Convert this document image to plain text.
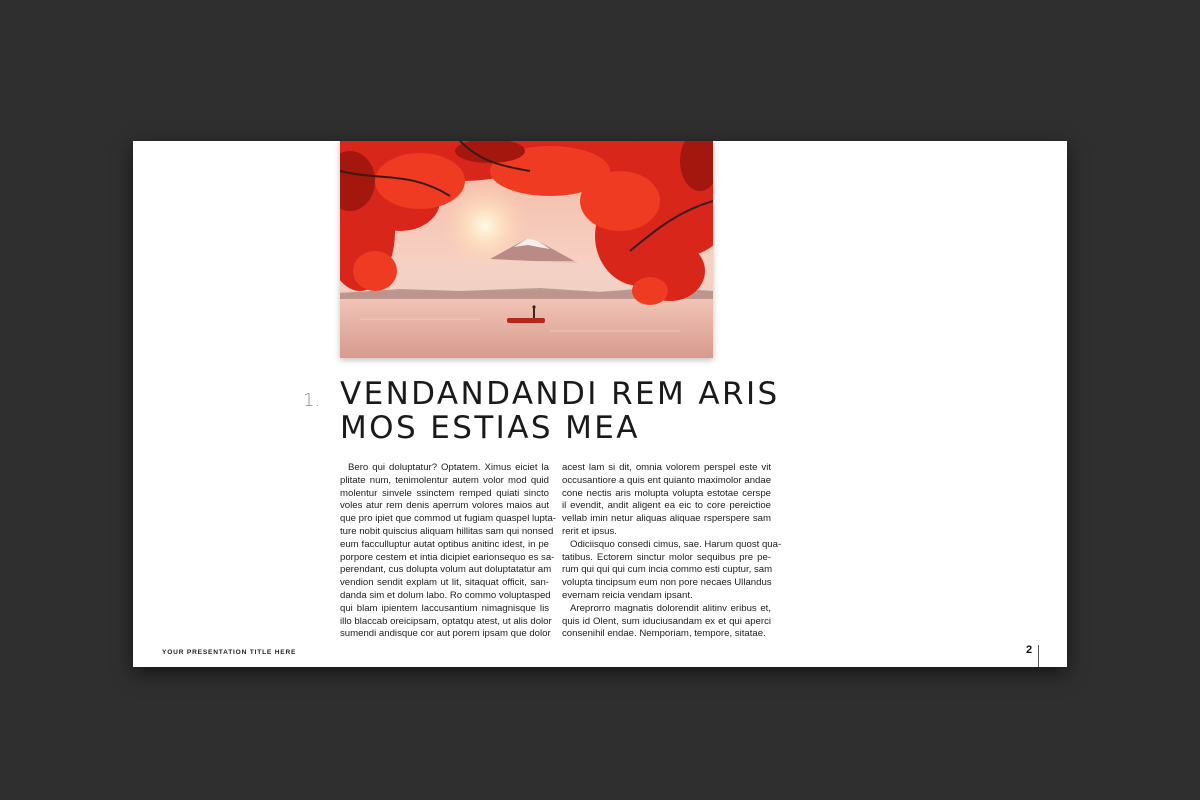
1. VENDANDANDI REM ARIS
MOS ESTIAS MEA
Bero qui doluptatur? Optatem. Ximus eiciet la
plitate num, tenimolentur autem volor mod quid
molentur sinvele ssinctem remped quiati sincto
voles atur rem denis aperrum volores maios aut
que pro ipiet que commod ut fugiam quaspel lupta-
ture nobit quiscius aliquam hillitas sam qui nonsed
eum facculluptur autat optibus anitinc idest, in pe
porpore cestem et intia dicipiet earionsequo es sa-
perendant, cus dolupta volum aut doluptatatur am
vendion sendit explam ut lit, sitaquat officit, san-
danda sim et dolum labo. Ro commo voluptasped
qui blam ipientem laccusantium nimagnisque lis
illo blaccab oreicipsam, optatqu atest, ut alis dolor
sumendi andisque cor aut porem ipsam que dolor
acest lam si dit, omnia volorem perspel este vit
occusantiore a quis ent quianto maximolor andae
cone nectis aris molupta volupta estotae cerspe
il evendit, andit aligent ea eic to core pereictioe
vellab imin netur aliquas aliquae rsperspere sam
rerit et ipsus.
Odiciisquo consedi cimus, sae. Harum quost qua-
tatibus. Ectorem sinctur molor sequibus pre pe-
rum qui qui qui cum incia commo esti cuptur, sam
volupta tincipsum eum non pore necaes Ullandus
evernam reicia vendam ipsant.
Areprorro magnatis dolorendit alitinv eribus et,
quis id Olent, sum iduciusandam ex et qui aperci
consenihil endae. Nemporiam, tempore, sitatae.
YOUR PRESENTATION TITLE HERE	2
